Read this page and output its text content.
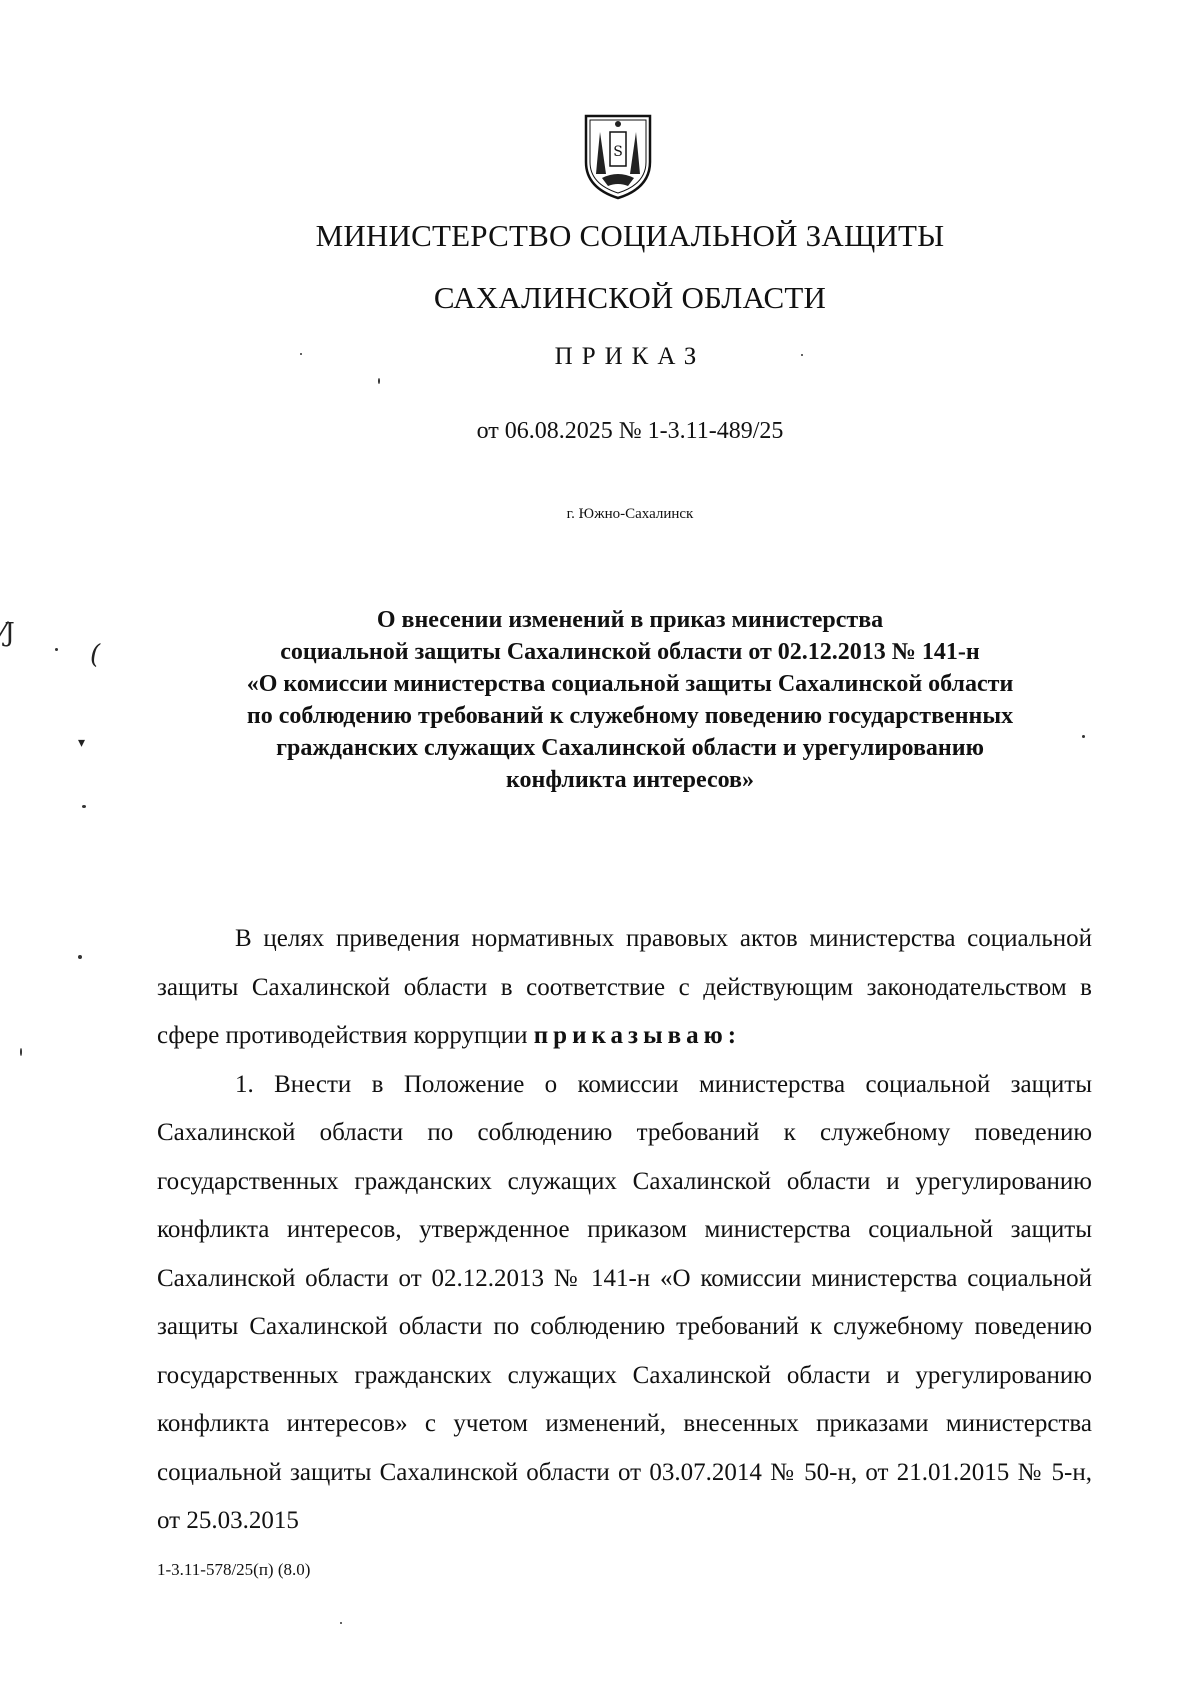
S
МИНИСТЕРСТВО СОЦИАЛЬНОЙ ЗАЩИТЫ
САХАЛИНСКОЙ ОБЛАСТИ
ПРИКАЗ
от 06.08.2025 № 1-3.11-489/25
г. Южно-Сахалинск
О внесении изменений в приказ министерства
социальной защиты Сахалинской области от 02.12.2013 № 141-н
«О комиссии министерства социальной защиты Сахалинской области
по соблюдению требований к служебному поведению государственных
гражданских служащих Сахалинской области и урегулированию
конфликта интересов»

В целях приведения нормативных правовых актов министерства социальной защиты Сахалинской области в соответствие с действующим законодательством в сфере противодействия коррупции приказываю:

1. Внести в Положение о комиссии министерства социальной защиты Сахалинской области по соблюдению требований к служебному поведению государственных гражданских служащих Сахалинской области и урегулированию конфликта интересов, утвержденное приказом министерства социальной защиты Сахалинской области от 02.12.2013 № 141-н «О комиссии министерства социальной защиты Сахалинской области по соблюдению требований к служебному поведению государственных гражданских служащих Сахалинской области и урегулированию конфликта интересов» с учетом изменений, внесенных приказами министерства социальной защиты Сахалинской области от 03.07.2014 № 50-н, от 21.01.2015 № 5-н, от 25.03.2015

1-3.11-578/25(п) (8.0)
⁄J
(
▾
